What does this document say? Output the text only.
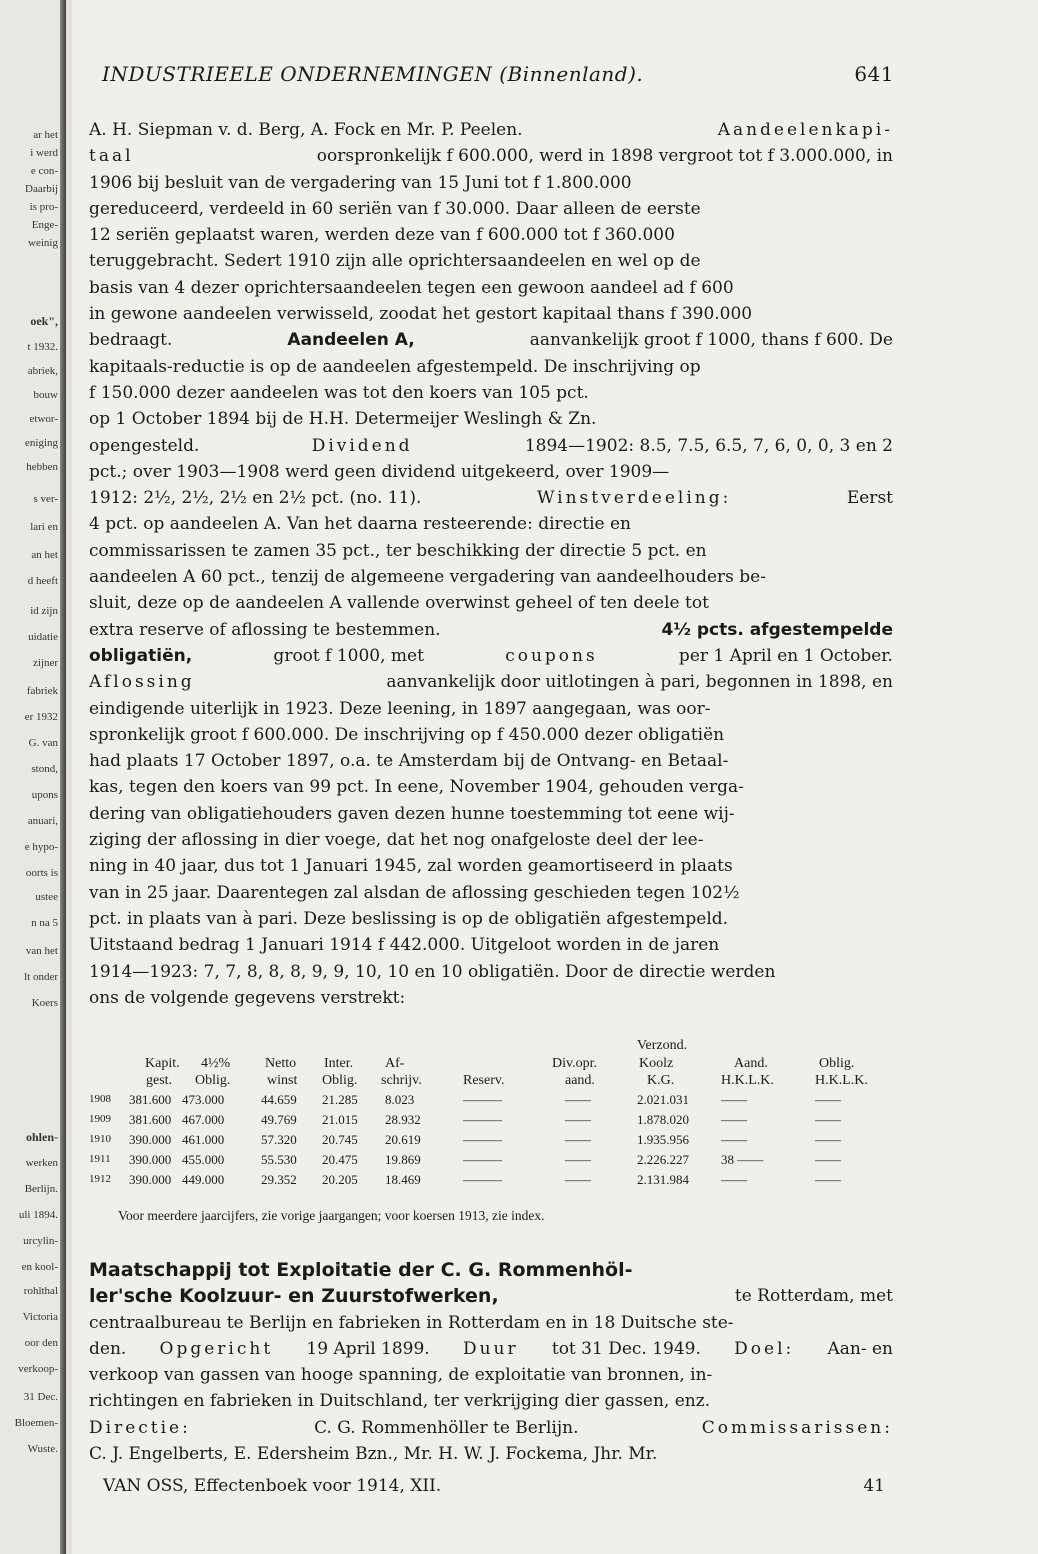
ar het
i werd
e con-
Daarbij
is pro-
Enge-
weinig
oek",
t 1932.
abriek,
bouw
etwor-
eniging
hebben
s ver-
lari en
an het
d heeft
id zijn
uidatie
zijner
fabriek
er 1932
G. van
stond,
upons
anuari,
e hypo-
oorts is
ustee
n na 5
van het
lt onder
Koers
ohlen-
werken
Berlijn.
uli 1894.
urcylin-
en kool-
rohlthal
Victoria
oor den
verkoop-
31 Dec.
Bloemen-
Wuste.
INDUSTRIEELE ONDERNEMINGEN (Binnenland).	641
A. H. Siepman v. d. Berg, A. Fock en Mr. P. Peelen.	Aandeelenkapi-
taal	oorspronkelijk f 600.000, werd in 1898 vergroot tot f 3.000.000, in
1906 bij besluit van de vergadering van 15 Juni tot f 1.800.000
gereduceerd, verdeeld in 60 seriën van f 30.000. Daar alleen de eerste
12 seriën geplaatst waren, werden deze van f 600.000 tot f 360.000
teruggebracht. Sedert 1910 zijn alle oprichtersaandeelen en wel op de
basis van 4 dezer oprichtersaandeelen tegen een gewoon aandeel ad f 600
in gewone aandeelen verwisseld, zoodat het gestort kapitaal thans f 390.000
bedraagt.	Aandeelen A,	aanvankelijk groot f 1000, thans f 600. De
kapitaals-reductie is op de aandeelen afgestempeld. De inschrijving op
f 150.000 dezer aandeelen was tot den koers van 105 pct.
op 1 October 1894 bij de H.H. Determeijer Weslingh & Zn.
opengesteld.	Dividend	1894—1902: 8.5, 7.5, 6.5, 7, 6, 0, 0, 3 en 2
pct.; over 1903—1908 werd geen dividend uitgekeerd, over 1909—
1912: 2½, 2½, 2½ en 2½ pct. (no. 11).	Winstverdeeling:	Eerst
4 pct. op aandeelen A. Van het daarna resteerende: directie en
commissarissen te zamen 35 pct., ter beschikking der directie 5 pct. en
aandeelen A 60 pct., tenzij de algemeene vergadering van aandeelhouders be-
sluit, deze op de aandeelen A vallende overwinst geheel of ten deele tot
extra reserve of aflossing te bestemmen.	4½ pcts. afgestempelde
obligatiën,	groot f 1000, met	coupons	per 1 April en 1 October.
Aflossing	aanvankelijk door uitlotingen à pari, begonnen in 1898, en
eindigende uiterlijk in 1923. Deze leening, in 1897 aangegaan, was oor-
spronkelijk groot f 600.000. De inschrijving op f 450.000 dezer obligatiën
had plaats 17 October 1897, o.a. te Amsterdam bij de Ontvang- en Betaal-
kas, tegen den koers van 99 pct. In eene, November 1904, gehouden verga-
dering van obligatiehouders gaven dezen hunne toestemming tot eene wij-
ziging der aflossing in dier voege, dat het nog onafgeloste deel der lee-
ning in 40 jaar, dus tot 1 Januari 1945, zal worden geamortiseerd in plaats
van in 25 jaar. Daarentegen zal alsdan de aflossing geschieden tegen 102½
pct. in plaats van à pari. Deze beslissing is op de obligatiën afgestempeld.
Uitstaand bedrag 1 Januari 1914 f 442.000. Uitgeloot worden in de jaren
1914—1923: 7, 7, 8, 8, 8, 9, 9, 10, 10 en 10 obligatiën. Door de directie werden
ons de volgende gegevens verstrekt:
Verzond.
Kapit. 4½% Netto Inter. Af-	Div.opr.	Koolz	Aand.	Oblig.
gest. Oblig.	winst Oblig. schrijv.	Reserv.	aand.	K.G.	H.K.L.K.	H.K.L.K.
1908 381.600 473.000	44.659 21.285 8.023	———	——	2.021.031 ——	——
1909 381.600 467.000	49.769 21.015 28.932	———	——	1.878.020 ——	——
1910 390.000 461.000	57.320 20.745 20.619	———	——	1.935.956 ——	——
1911 390.000 455.000	55.530 20.475 19.869	———	——	2.226.227 38 ——	——
1912 390.000 449.000	29.352 20.205 18.469	———	——	2.131.984 ——	——
Voor meerdere jaarcijfers, zie vorige jaargangen; voor koersen 1913, zie index.
Maatschappij tot Exploitatie der C. G. Rommenhöl-
ler'sche Koolzuur- en Zuurstofwerken,	te Rotterdam, met
centraalbureau te Berlijn en fabrieken in Rotterdam en in 18 Duitsche ste-
den. Opgericht 19 April 1899. Duur tot 31 Dec. 1949. Doel: Aan- en
verkoop van gassen van hooge spanning, de exploitatie van bronnen, in-
richtingen en fabrieken in Duitschland, ter verkrijging dier gassen, enz.
Directie:	C. G. Rommenhöller te Berlijn.	Commissarissen:
C. J. Engelberts, E. Edersheim Bzn., Mr. H. W. J. Fockema, Jhr. Mr.
VAN OSS, Effectenboek voor 1914, XII.	41
